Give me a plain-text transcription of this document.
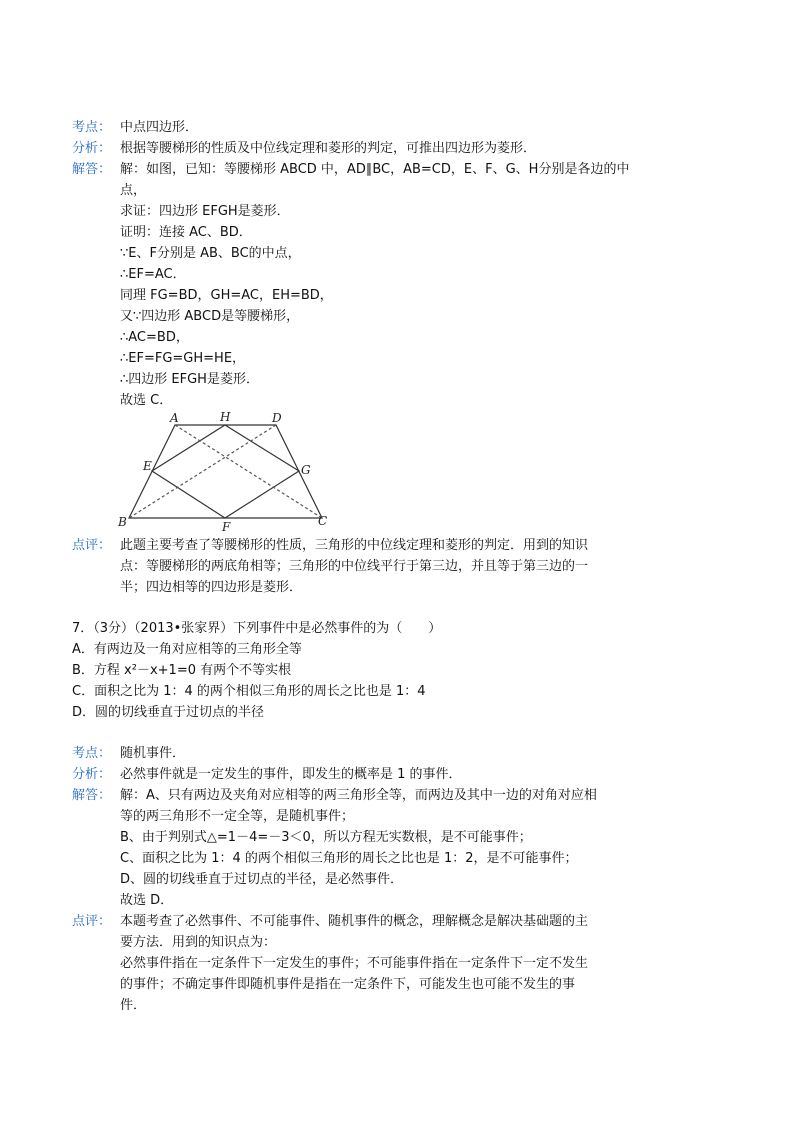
考点： 中点四边形．
分析： 根据等腰梯形的性质及中位线定理和菱形的判定，可推出四边形为菱形．
解答： 解：如图，已知：等腰梯形 ABCD 中，AD∥BC，AB=CD，E、F、G、H分别是各边的中
点，
求证：四边形 EFGH是菱形．
证明：连接 AC、BD．
∵E、F分别是 AB、BC的中点，
∴EF=AC．
同理 FG=BD，GH=AC，EH=BD，
又∵四边形 ABCD是等腰梯形，
∴AC=BD，
∴EF=FG=GH=HE，
∴四边形 EFGH是菱形．
故选 C．
A	H	D
E	G
B	F	C
点评： 此题主要考查了等腰梯形的性质，三角形的中位线定理和菱形的判定．用到的知识
点：等腰梯形的两底角相等；三角形的中位线平行于第三边，并且等于第三边的一
半；四边相等的四边形是菱形．
7．（3分）（2013•张家界）下列事件中是必然事件的为（　　）
A．有两边及一角对应相等的三角形全等
B．方程 x²－x+1=0 有两个不等实根
C．面积之比为 1：4 的两个相似三角形的周长之比也是 1：4
D．圆的切线垂直于过切点的半径
考点： 随机事件．
分析： 必然事件就是一定发生的事件，即发生的概率是 1 的事件．
解答： 解：A、只有两边及夹角对应相等的两三角形全等，而两边及其中一边的对角对应相
等的两三角形不一定全等，是随机事件；
B、由于判别式△=1－4=－3＜0，所以方程无实数根，是不可能事件；
C、面积之比为 1：4 的两个相似三角形的周长之比也是 1：2，是不可能事件；
D、圆的切线垂直于过切点的半径，是必然事件．
故选 D．
点评： 本题考查了必然事件、不可能事件、随机事件的概念，理解概念是解决基础题的主
要方法．用到的知识点为：
必然事件指在一定条件下一定发生的事件；不可能事件指在一定条件下一定不发生
的事件；不确定事件即随机事件是指在一定条件下，可能发生也可能不发生的事
件．
